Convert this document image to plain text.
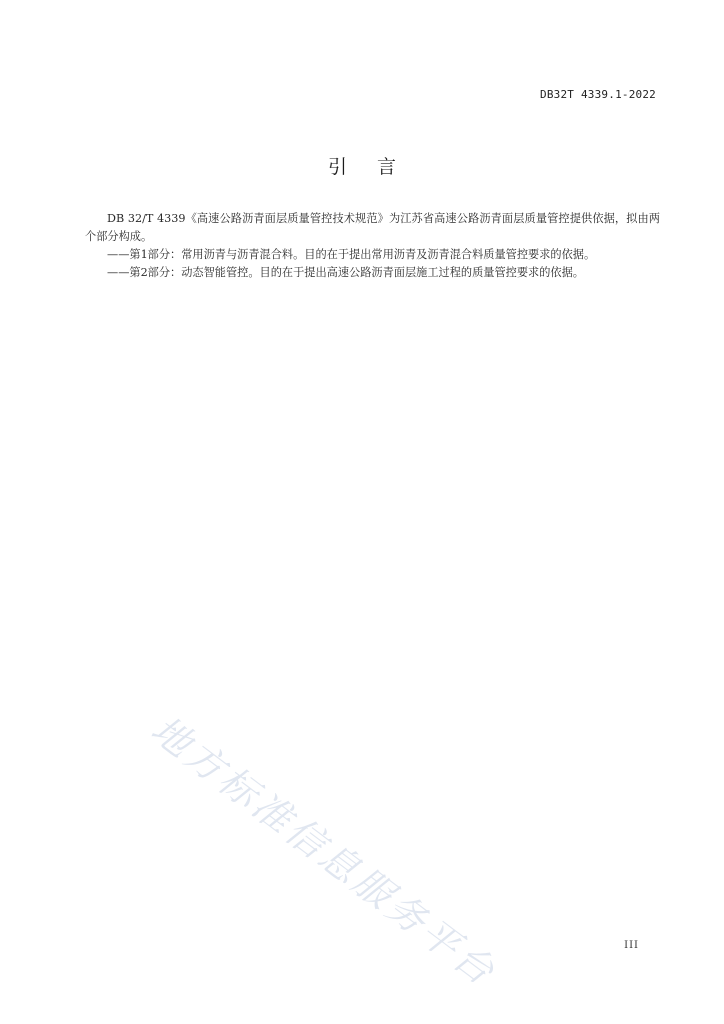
DB32T 4339.1-2022
引言

DB 32/T 4339《高速公路沥青面层质量管控技术规范》为江苏省高速公路沥青面层质量管控提供依据，拟由两个部分构成。

——第1部分：常用沥青与沥青混合料。目的在于提出常用沥青及沥青混合料质量管控要求的依据。

——第2部分：动态智能管控。目的在于提出高速公路沥青面层施工过程的质量管控要求的依据。

地方标准信息服务平台	III
